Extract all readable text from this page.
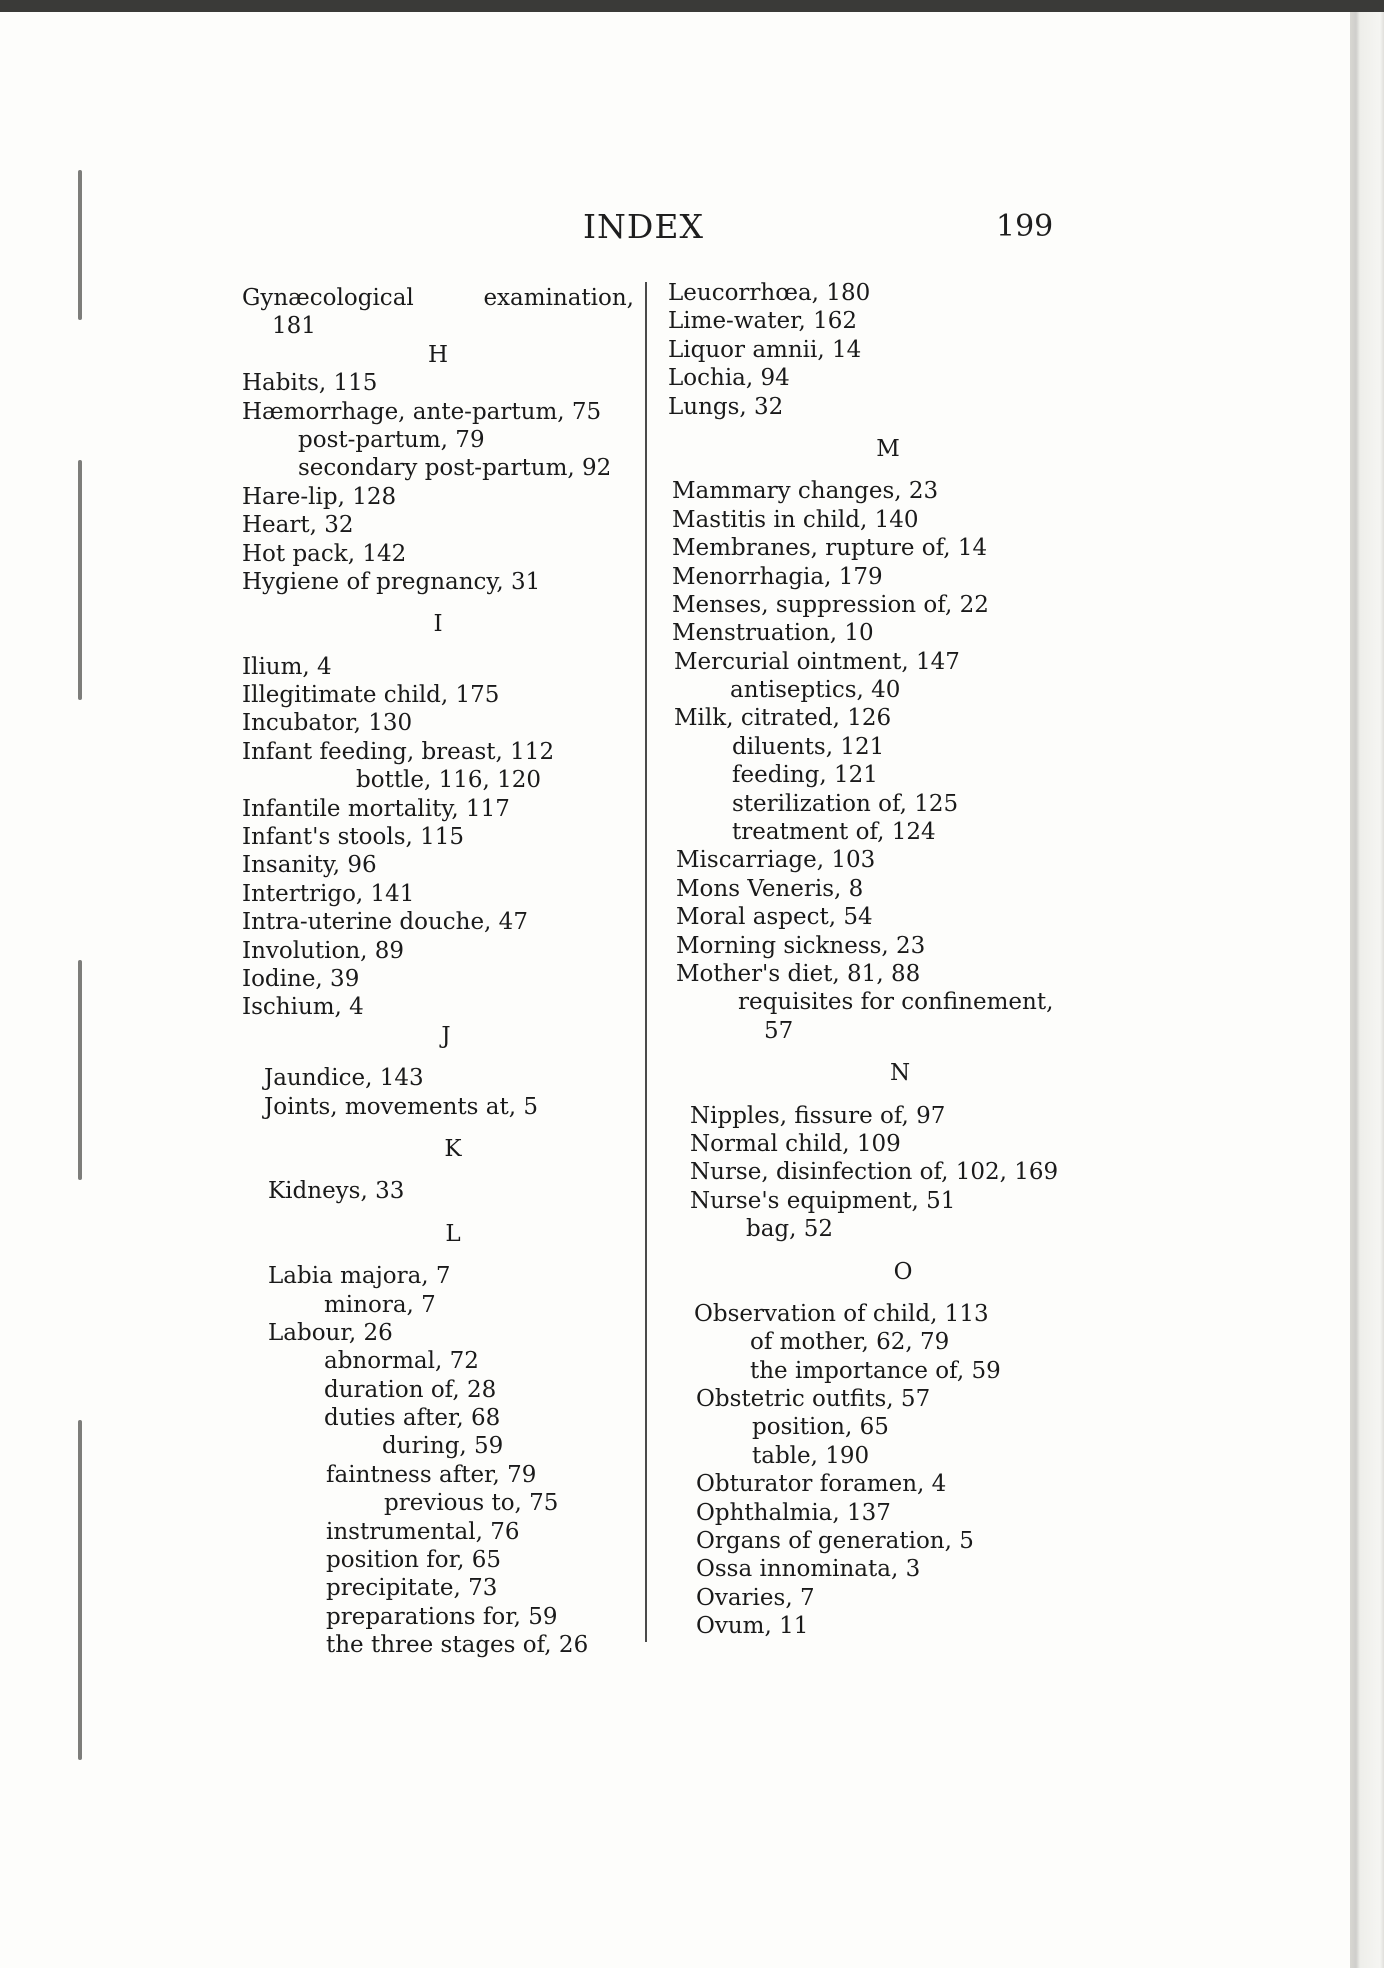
INDEX	199
Gynæcological	examination,
181
H
Habits, 115
Hæmorrhage, ante-partum, 75
post-partum, 79
secondary post-partum, 92
Hare-lip, 128
Heart, 32
Hot pack, 142
Hygiene of pregnancy, 31
I
Ilium, 4
Illegitimate child, 175
Incubator, 130
Infant feeding, breast, 112
bottle, 116, 120
Infantile mortality, 117
Infant's stools, 115
Insanity, 96
Intertrigo, 141
Intra-uterine douche, 47
Involution, 89
Iodine, 39
Ischium, 4
J
Jaundice, 143
Joints, movements at, 5
K
Kidneys, 33
L
Labia majora, 7
minora, 7
Labour, 26
abnormal, 72
duration of, 28
duties after, 68
during, 59
faintness after, 79
previous to, 75
instrumental, 76
position for, 65
precipitate, 73
preparations for, 59
the three stages of, 26
Leucorrhœa, 180
Lime-water, 162
Liquor amnii, 14
Lochia, 94
Lungs, 32
M
Mammary changes, 23
Mastitis in child, 140
Membranes, rupture of, 14
Menorrhagia, 179
Menses, suppression of, 22
Menstruation, 10
Mercurial ointment, 147
antiseptics, 40
Milk, citrated, 126
diluents, 121
feeding, 121
sterilization of, 125
treatment of, 124
Miscarriage, 103
Mons Veneris, 8
Moral aspect, 54
Morning sickness, 23
Mother's diet, 81, 88
requisites for confinement,
57
N
Nipples, fissure of, 97
Normal child, 109
Nurse, disinfection of, 102, 169
Nurse's equipment, 51
bag, 52
O
Observation of child, 113
of mother, 62, 79
the importance of, 59
Obstetric outfits, 57
position, 65
table, 190
Obturator foramen, 4
Ophthalmia, 137
Organs of generation, 5
Ossa innominata, 3
Ovaries, 7
Ovum, 11
